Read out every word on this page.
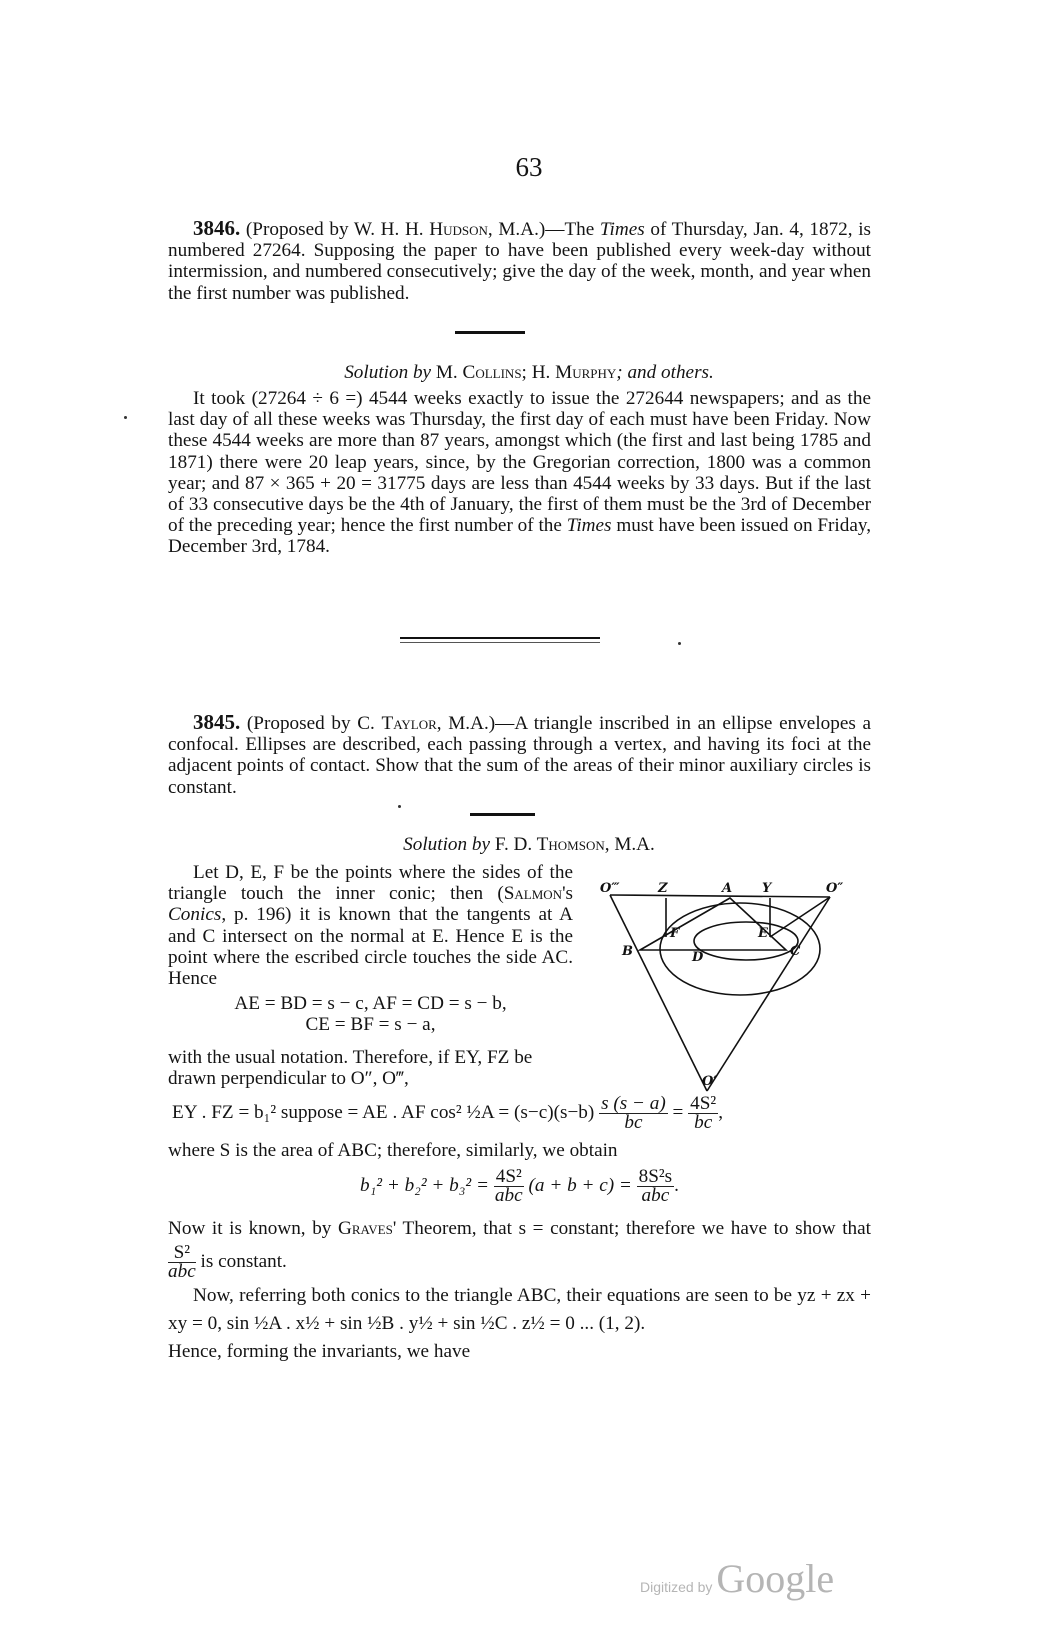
63

3846. (Proposed by W. H. H. Hudson, M.A.)—The Times of Thursday, Jan. 4, 1872, is numbered 27264. Supposing the paper to have been published every week-day without intermission, and numbered consecutively; give the day of the week, month, and year when the first number was published.

Solution by M. Collins; H. Murphy; and others.

It took (27264 ÷ 6 =) 4544 weeks exactly to issue the 272644 newspapers; and as the last day of all these weeks was Thursday, the first day of each must have been Friday. Now these 4544 weeks are more than 87 years, amongst which (the first and last being 1785 and 1871) there were 20 leap years, since, by the Gregorian correction, 1800 was a common year; and 87 × 365 + 20 = 31775 days are less than 4544 weeks by 33 days. But if the last of 33 consecutive days be the 4th of January, the first of them must be the 3rd of December of the preceding year; hence the first number of the Times must have been issued on Friday, December 3rd, 1784.

3845. (Proposed by C. Taylor, M.A.)—A triangle inscribed in an ellipse envelopes a confocal. Ellipses are described, each passing through a vertex, and having its foci at the adjacent points of contact. Show that the sum of the areas of their minor auxiliary circles is constant.

Solution by F. D. Thomson, M.A.

Let D, E, F be the points where the sides of the triangle touch the inner conic; then (Salmon's Conics, p. 196) it is known that the tangents at A and C intersect on the normal at E. Hence E is the point where the escribed circle touches the side AC. Hence

AE = BD = s − c, AF = CD = s − b,

CE = BF = s − a,

with the usual notation. Therefore, if EY, FZ be drawn perpendicular to O″, O‴,

EY . FZ = b₁² suppose = AE . AF cos² ½A = $(s-c)(s-b) \frac{s (s - a)}{bc} = \frac{\text{4S²}}{bc}$ ,

where S is the area of ABC; therefore, similarly, we obtain

$b_1^2 + b_2^2 + b_3^2 = \frac{\text{4S²}}{\text{abc}} (a + b + c) = \frac{\text{8S²s}}{\text{abc}}$ .

Now it is known, by Graves' Theorem, that s = constant; therefore we have to show that
$\frac{\text{S²}}{\text{abc}}$ is constant.

Now, referring both conics to the triangle ABC, their equations are seen to be yz + zx + xy = 0, sin ½A . x½ + sin ½B . y½ + sin ½C . z½ = 0 ... (1, 2).

Hence, forming the invariants, we have

O‴	Z	A Y	O″
F	E
B	D	C
O′
Digitized by Google
